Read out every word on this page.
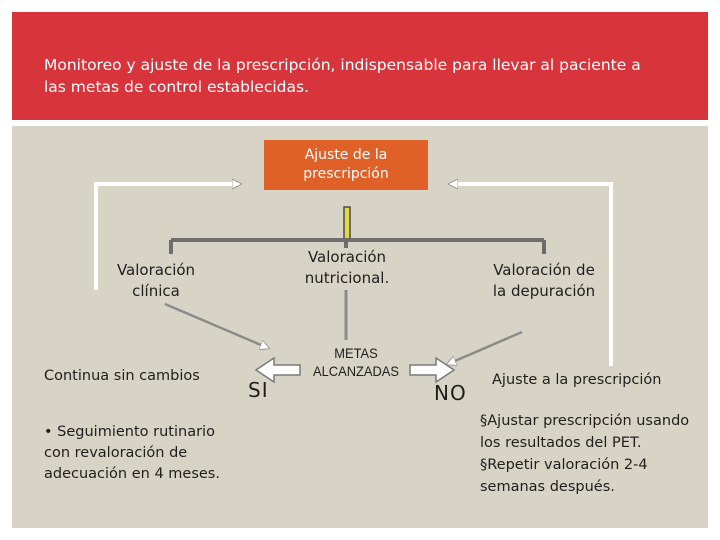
Monitoreo y ajuste de la prescripción, indispensable para llevar al paciente a las metas de control establecidas.
Ajuste de la prescripción
Valoración clínica
Valoración nutricional.	Valoración de la depuración
Continua sin cambios
• Seguimiento rutinario con revaloración de adecuación en 4 meses.
METAS ALCANZADAS
SI	NO
Ajuste a la prescripción
§Ajustar prescripción usando los resultados del PET.
§Repetir valoración 2-4 semanas después.
